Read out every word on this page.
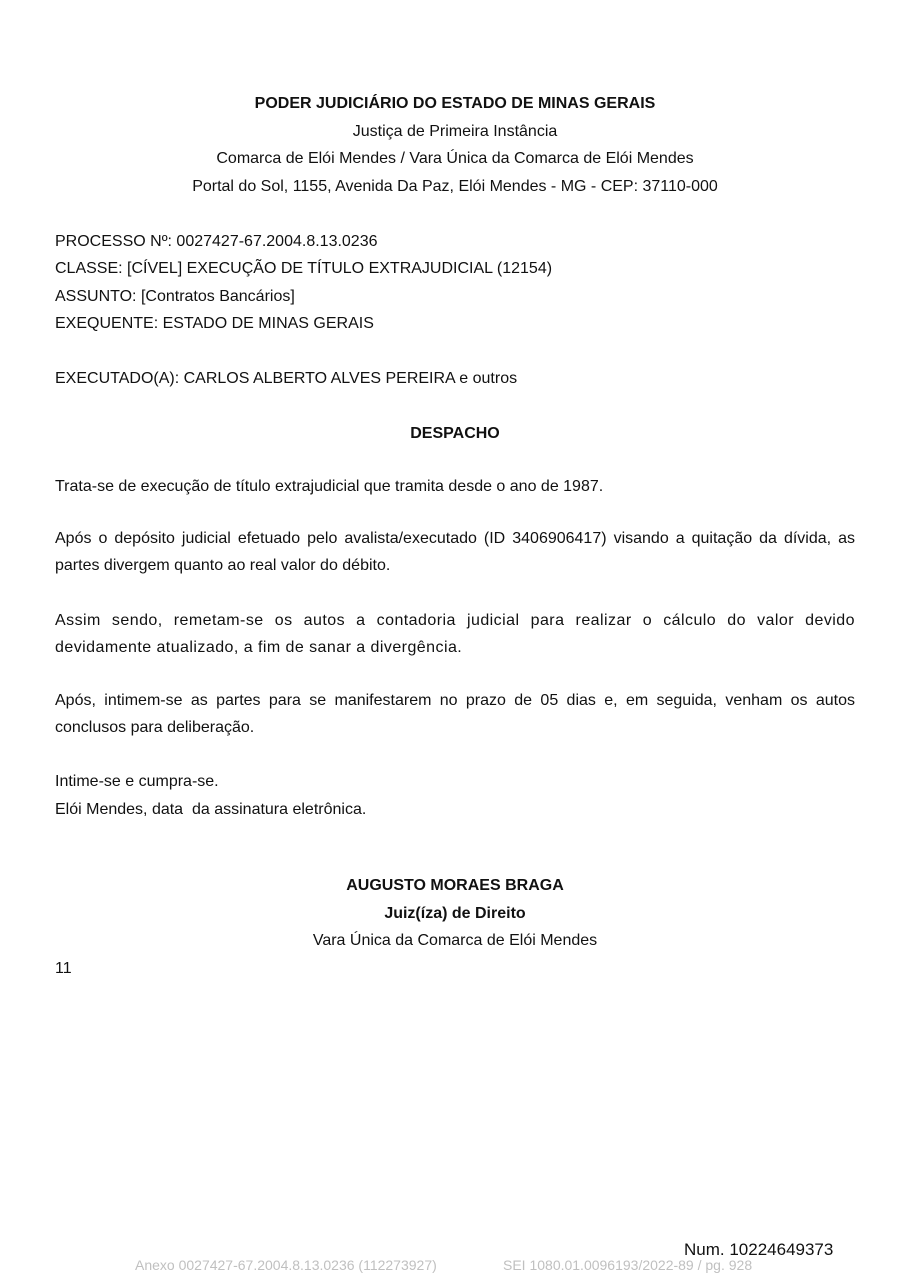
PODER JUDICIÁRIO DO ESTADO DE MINAS GERAIS
Justiça de Primeira Instância
Comarca de Elói Mendes / Vara Única da Comarca de Elói Mendes
Portal do Sol, 1155, Avenida Da Paz, Elói Mendes - MG - CEP: 37110-000
PROCESSO Nº: 0027427-67.2004.8.13.0236
CLASSE: [CÍVEL] EXECUÇÃO DE TÍTULO EXTRAJUDICIAL (12154)
ASSUNTO: [Contratos Bancários]
EXEQUENTE: ESTADO DE MINAS GERAIS
EXECUTADO(A): CARLOS ALBERTO ALVES PEREIRA e outros
DESPACHO
Trata-se de execução de título extrajudicial que tramita desde o ano de 1987.
Após o depósito judicial efetuado pelo avalista/executado (ID 3406906417) visando a quitação da dívida, as partes divergem quanto ao real valor do débito.
Assim sendo, remetam-se os autos a contadoria judicial para realizar o cálculo do valor devido devidamente atualizado, a fim de sanar a divergência.
Após, intimem-se as partes para se manifestarem no prazo de 05 dias e, em seguida, venham os autos conclusos para deliberação.
Intime-se e cumpra-se.
Elói Mendes, data  da assinatura eletrônica.
AUGUSTO MORAES BRAGA
Juiz(íza) de Direito
Vara Única da Comarca de Elói Mendes
11
Num. 10224649373
Anexo 0027427-67.2004.8.13.0236 (112273927)	SEI 1080.01.0096193/2022-89 / pg. 928
